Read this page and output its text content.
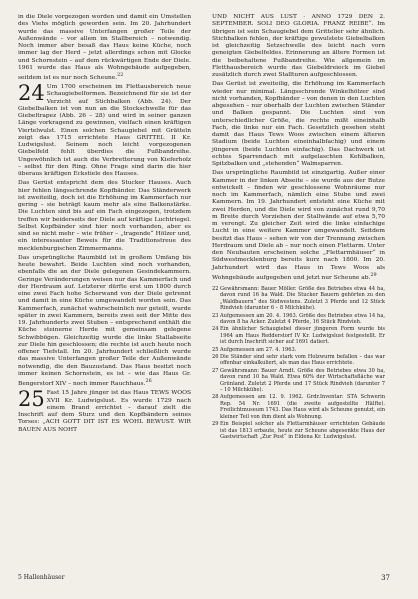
in die Diele vorgezogen worden und damit ein Umstellen des Viehs möglich geworden sein. Im 20. Jahrhundert wurde das massive Unterfangen großer Teile der Außenwände – vor allem im Stallbereich – notwendig. Noch immer aber besaß das Haus keine Küche, noch immer lag der Herd – jetzt allerdings schon mit Glocke und Schornstein – auf dem rückwärtigen Ende der Diele. 1961 wurde das Haus als Wohngebäude aufgegeben, seitdem ist es nur noch Scheune.$^{22}$

24 Um 1700 erscheinen im Flettausbereich neue Schaugiebelformen. Bezeichnend für sie ist der Verzicht auf Stichbalken (Abb. 24). Der Giebelbalken ist von nun an die Stockschwelle für das Giebeltrapez (Abb. 26 – 28) und wird in seiner ganzen Länge vorkragend zu gewinnen, vielfach einen kräftigen Viertelwulst. Einen solchen Schaugiebel mit Grätteln zeigt das 1715 errichtete Haus GRITTEL II Kr. Ludwigslust. Seinem noch leicht vorgezogenen Giebelfeld fehlt überdies die Fußbandreihe. Ungewöhnlich ist auch die Verbretterung von Kieferholz – selbst für den Ring. Ohne Frage sind darin die hier überaus kräftigen Eckstiele des Hauses.

Das Gerüst entspricht dem des Stucker Hauses. Auch hier fehlen längsschrende Kopfbänder. Das Ständerwerk ist zweiteilig, doch ist die Erhöhung im Kammerfach nur gering – sie beträgt kaum mehr als eine Balkenstärke. Die Luchten sind bis auf ein Fach eingezogen, trotzdem treffen wir beiderseits der Diele auf kräftige Luchtriegel. Selbst Kopfbänder sind hier noch vorhanden, aber es sind so nicht mehr – wie früher – „tragende“ Hölzer und, ein interessanter Beweis für die Traditionstreue des mecklenburgischen Zimmermanns.

Das ursprüngliche Raumbild ist in großem Umfang bis heute bewahrt. Beide Luchten sind noch vorhanden, ebenfalls die an der Diele gelegenen Gesindekammern. Geringe Veränderungen weisen nur das Kammerfach und der Herdraum auf. Letzterer dürfte erst um 1800 durch eine zwei Fach hohe Scherwand von der Diele getrennt und damit in eine Küche umgewandelt worden sein. Das Kammerfach, zunächst wahrscheinlich nur geteilt, wurde später in zwei Kammern, bereits zwei seit der Mitte des 19. Jahrhunderts zwei Stuben – entsprechend enthält die Küche steinerne Herde mit gemeinsam gelegene Schwibbögen. Gleichzeitig wurde die linke Stallabseite zur Diele hin geschlossen; die rechte ist auch heute noch offener Tiefstall. Im 20. Jahrhundert schließlich wurde das massive Unterfangen großer Teile der Außenwände notwendig, die den Bauzustand. Das Haus besitzt noch immer keinen Schornstein, es ist – wie das Haus Gr. Bengerstorf XIV – noch immer Rauchhaus.$^{26}$

25 Fast 15 Jahre jünger ist das Haus TEWS WOOS XVII Kr. Ludwigslust. Es wurde 1729 nach einem Brand errichtet – darauf zielt die Inschrift auf dem Sturz und den Kopfbändern seines Torses: „ACH GOTT DIT IST ES WOHL BEWUST. WIR BAUEN AUS NOHT

UND NICHT AUS LUST · ANNO 1729 DEN 2. SEPTEMBER. SOLI DEO GLORIA. FRANZ REIBE“. Im übrigen ist sein Schaugiebel dem Grittelier sehr ähnlich. Stichbalken fehlen, der kräftige gewulstete Giebelbalken ist gleichzeitig Setzschwelle des leicht nach vorn geneigten Giebelfeldes. Erinnerung an ältere Formen ist die beibehaltene Fußbandreihe. Wie allgemein im Fletthausbereich wurde das Giebeldreieck im Giebel zusätzlich durch zwei Stallturen aufgeschlossen.

Das Gerüst ist zweiteilig, die Erhöhung im Kammerfach wieder nur minimal. Längsschrende Winkelhölzer sind nicht vorhanden, Kopfbänder – von denen in den Luchten abgesehen – nur oberhalb der Luchten zwischen Ständer und Balken gespannt. Die Luchten sind von unterschiedlicher Größe, die rechte mißt eineinhalb Fach, die linke nur ein Fach. Gesetzlich gesehen steht damit das Haus Tews Woos zwischen einem älteren Stadium (beide Luchten eineinhalbfachig) und einem jüngeren (beide Luchten einfachig). Das Dachwerk ist echtes Sparrendach mit aufgelaschten Kehlbalken, Spitzbalken und „stehenden“ Walmsparren.

Das ursprüngliche Raumbild ist einzigartig. Außer einer Kammer in der linken Abseite – sie wurde aus der Butze entwickelt – finden wir geschlossene Wohnräume nur noch im Kammerfach, nämlich eine Stube und zwei Kammern. Im 19. Jahrhundert entsteht eine Küche mit zwei Herden, und die Diele wird von zunächst rund 9,70 m Breite durch Vorziehen der Stallwände auf etwa 5,70 m verengt. Zu gleicher Zeit wird die linke einfachige Lucht in eine weitere Kammer umgewandelt. Seitdem besitzt das Haus – sehen wir von der Trennung zwischen Herdraum und Diele ab – nur noch einen Flettarm. Unter den Neubauten erscheinen solche „Flettarmhäuser“ in Südwestmecklenburg bereits kurz nach 1800. Im 20. Jahrhundert wird das Haus in Tews Woos als Wohngebäude aufgegeben und jetzt nur Scheune ab.$^{29}$

22 Gewährsmann: Bauer Möller. Größe des Betriebes etwa 44 ha, davon rund 16 ha Wald. Die Stucker Bauern gehörten zu den „Waldbauern“ des Südwestens. Zuletzt 3 Pferde und 12 Stück Rindvieh (darunter 6 – 8 Milchkühe).

23 Aufgemessen am 20. 4. 1963. Größe des Betriebes etwa 14 ha, davon 8 ha Acker. Zuletzt 4 Pferde, 16 Stück Rindvieh.

24 Ein ähnlicher Schaugiebel dieser jüngeren Form wurde bis 1964 am Haus Redderstorf IV Kr. Ludwigslust festgestellt. Er ist durch Inschrift sicher auf 1691 datiert.

25 Aufgemessen am 27. 4. 1963.

26 Die Ständer sind sehr stark vom Holzwurm befallen – das war offenbar einkalkuliert, als man das Haus errichtete.

27 Gewährsmann: Bauer Arndt. Größe des Betriebes etwa 30 ha, davon rund 10 ha Wald. Etwa 60% der Wirtschaftsfläche war Grünland. Zuletzt 2 Pferde und 17 Stück Rindvieh (darunter 7 – 10 Milchkühe).

28 Aufgemessen am 12. 9. 1962. Grdr.Inventar: STA Schwerin Rep. 54 Nr. 1691 (die zweite aufgestellte Hälfte). Freilichtmuseum 1743. Das Haus wird als Scheune genutzt, ein kleiner Teil von ihm dient als Wohnung.

29 Ein Beispiel solcher als Flettarmhäuser errichteten Gebäude ist das 1813 erbaute, heute zur Scheune abgesenkte Haus der Gastwirtschaft „Zur Post“ in Eldena Kr. Ludwigslust.

5 Hallenhäuser	37
